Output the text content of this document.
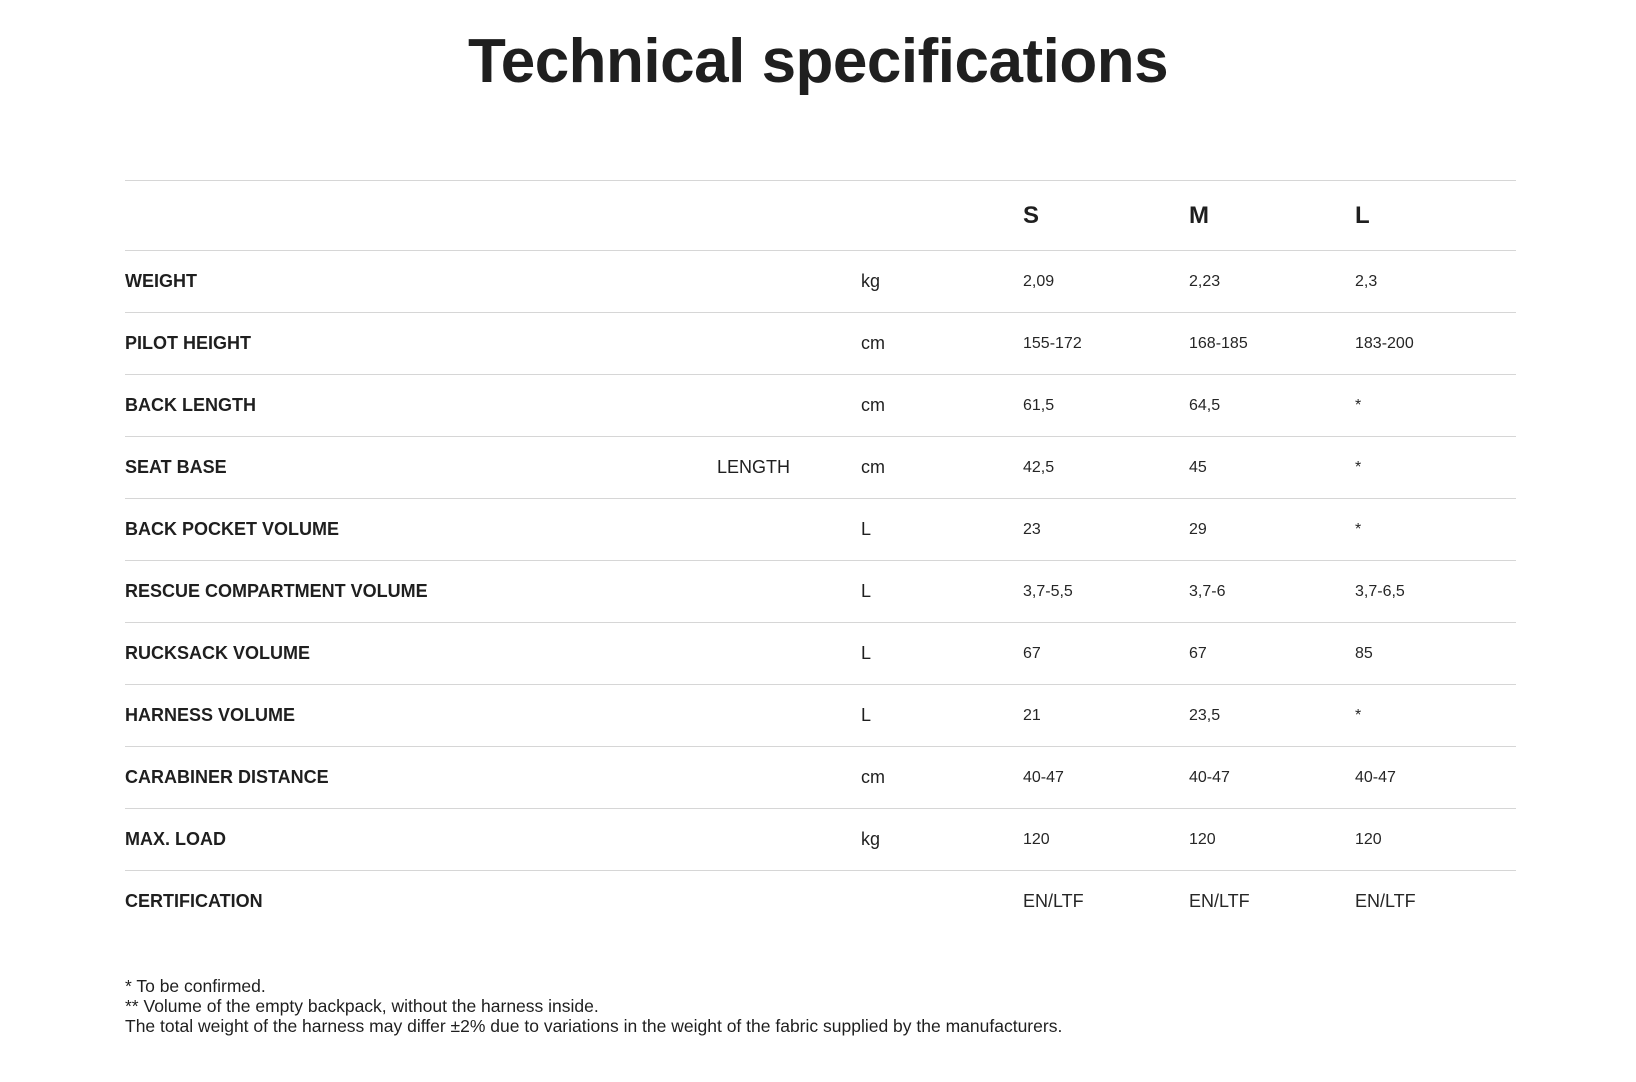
Technical specifications
			S	M	L
WEIGHT		kg	2,09	2,23	2,3
PILOT HEIGHT		cm	155-172	168-185	183-200
BACK LENGTH		cm	61,5	64,5	*
SEAT BASE	LENGTH	cm	42,5	45	*
BACK POCKET VOLUME		L	23	29	*
RESCUE COMPARTMENT VOLUME		L	3,7-5,5	3,7-6	3,7-6,5
RUCKSACK VOLUME		L	67	67	85
HARNESS VOLUME		L	21	23,5	*
CARABINER DISTANCE		cm	40-47	40-47	40-47
MAX. LOAD		kg	120	120	120
CERTIFICATION			EN/LTF	EN/LTF	EN/LTF

* To be confirmed.

** Volume of the empty backpack, without the harness inside.

The total weight of the harness may differ ±2% due to variations in the weight of the fabric supplied by the manufacturers.
